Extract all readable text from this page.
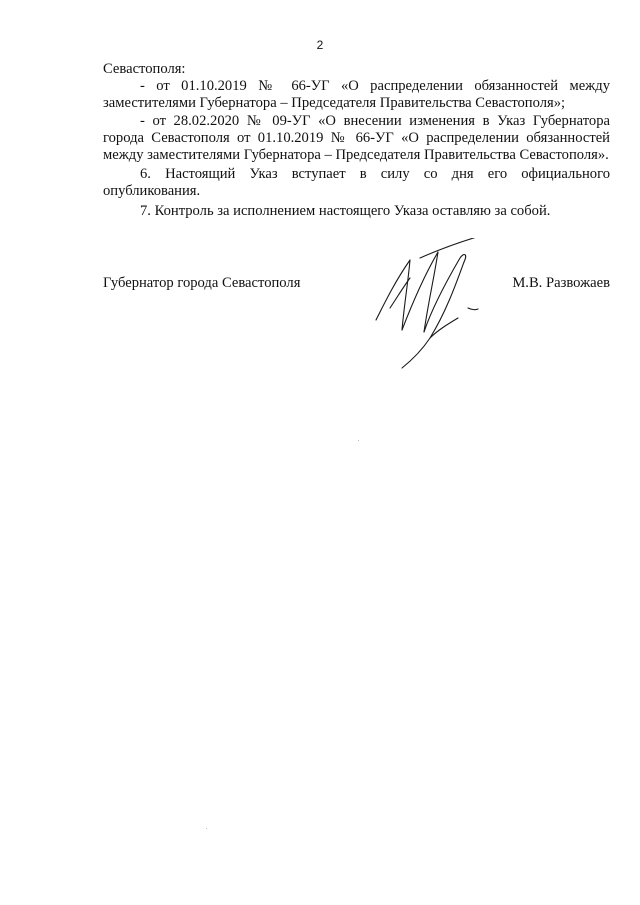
2

Севастополя:

- от 01.10.2019 № 66-УГ «О распределении обязанностей между заместителями Губернатора – Председателя Правительства Севастополя»;

- от 28.02.2020 № 09-УГ «О внесении изменения в Указ Губернатора города Севастополя от 01.10.2019 № 66-УГ «О распределении обязанностей между заместителями Губернатора – Председателя Правительства Севастополя».

6. Настоящий Указ вступает в силу со дня его официального опубликования.

7. Контроль за исполнением настоящего Указа оставляю за собой.

Губернатор города Севастополя	М.В. Развожаев
